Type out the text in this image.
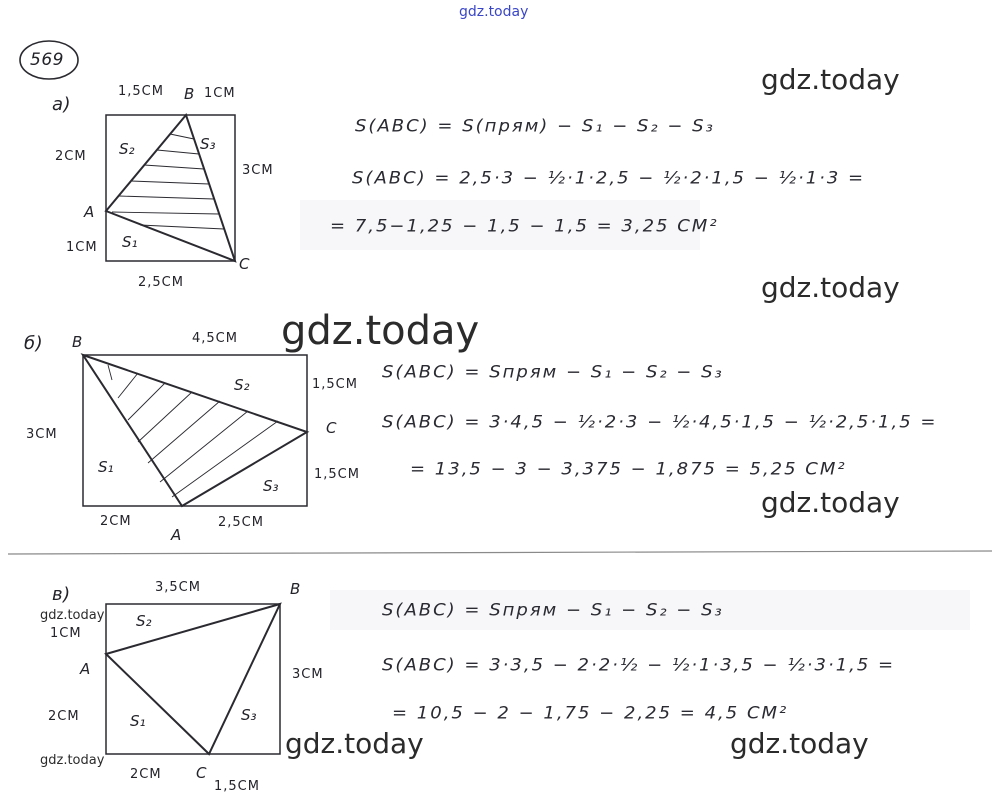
gdz.today
gdz.today
gdz.today
gdz.today
gdz.today
gdz.today
gdz.today
gdz.today	gdz.today
569
а)
1,5СМ B 1СМ
2СМ
3СМ
A
1СМ
C
2,5СМ
S₂	S₃
S₁
S(ABC) = S(прям) − S₁ − S₂ − S₃
S(ABC) = 2,5·3 − ½·1·2,5 − ½·2·1,5 − ½·1·3 =
= 7,5−1,25 − 1,5 − 1,5 = 3,25 СМ²
б) B	4,5СМ
1,5СМ
3СМ	C
1,5СМ
2СМ	2,5СМ
A
S₂
S₁
S₃
S(ABC) = Sпрям − S₁ − S₂ − S₃
S(ABC) = 3·4,5 − ½·2·3 − ½·4,5·1,5 − ½·2,5·1,5 =
= 13,5 − 3 − 3,375 − 1,875 = 5,25 СМ²
в)	3,5СМ	B
1СМ
A	3СМ
2СМ
2СМ C
1,5СМ
S₂
S₁	S₃
S(ABC) = Sпрям − S₁ − S₂ − S₃
S(ABC) = 3·3,5 − 2·2·½ − ½·1·3,5 − ½·3·1,5 =
= 10,5 − 2 − 1,75 − 2,25 = 4,5 СМ²
